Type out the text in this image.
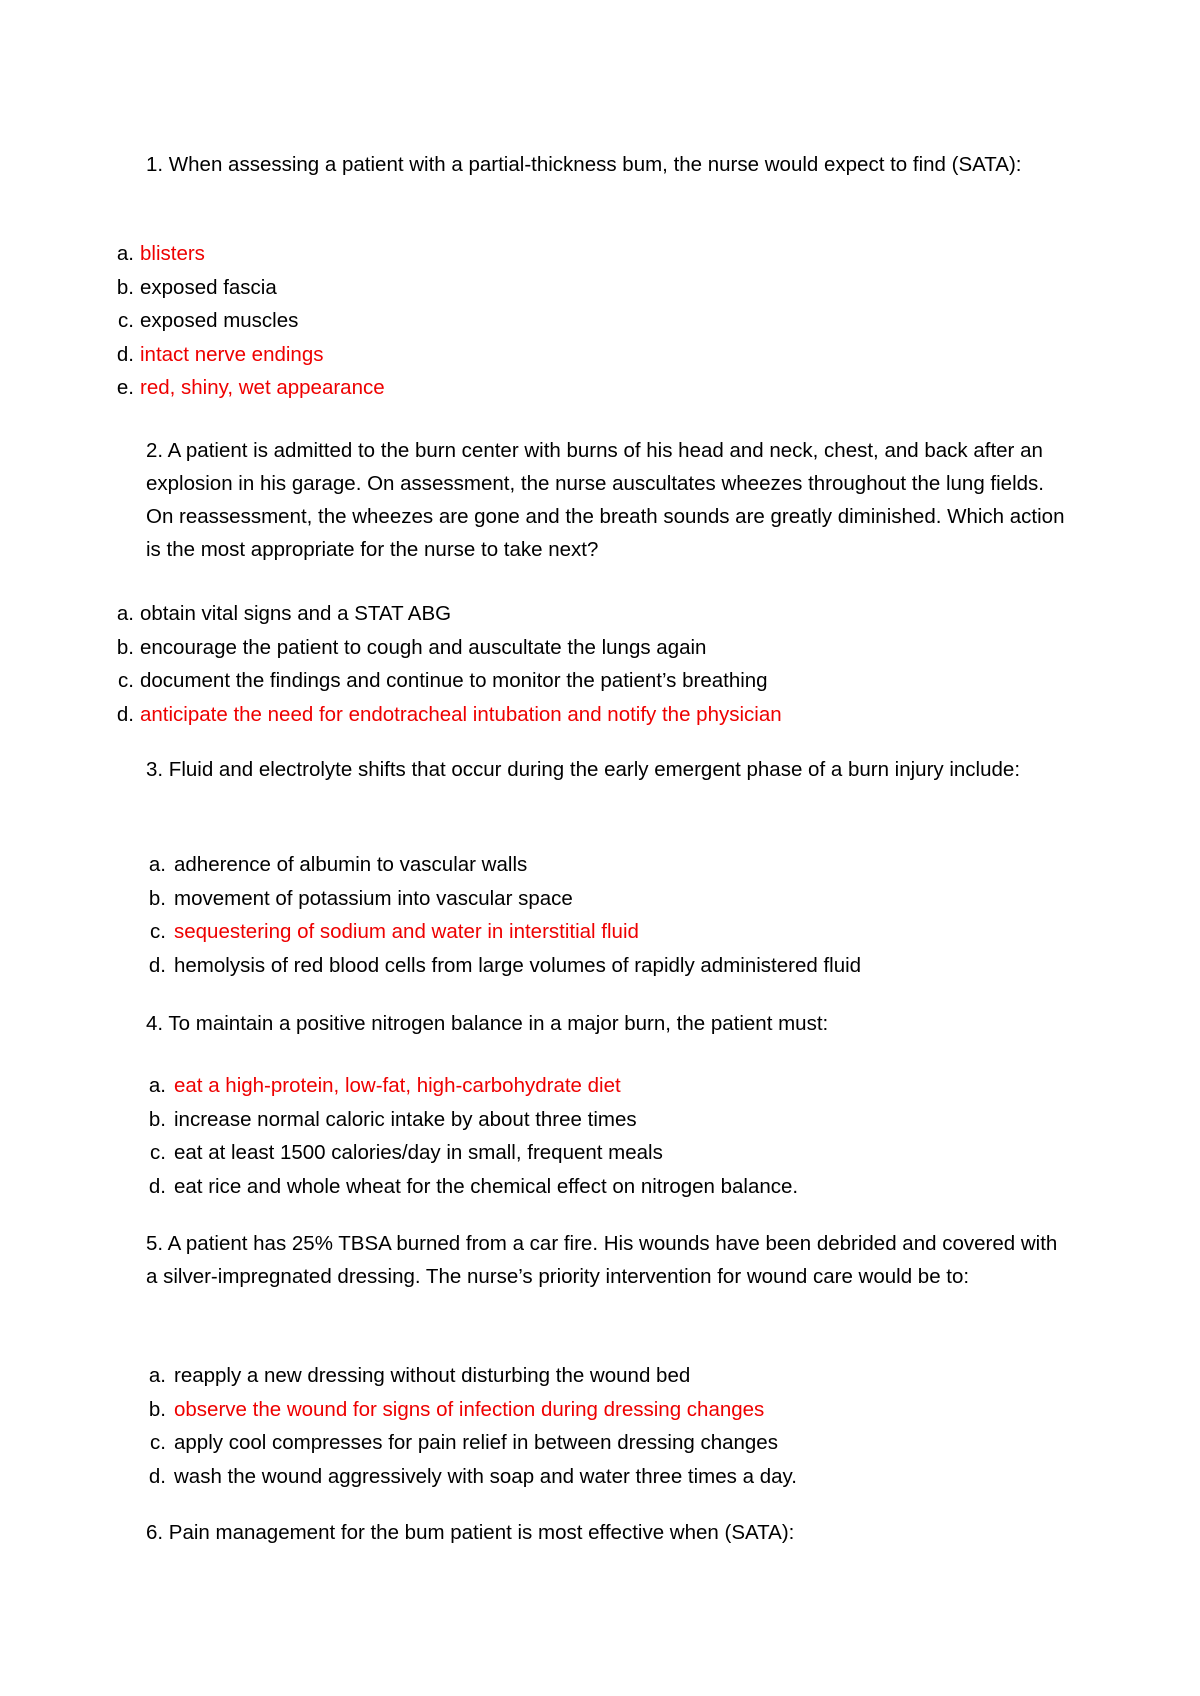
1. When assessing a patient with a partial-thickness bum, the nurse would expect to find (SATA):

a. blisters
b. exposed fascia
c. exposed muscles
d. intact nerve endings
e. red, shiny, wet appearance

2. A patient is admitted to the burn center with burns of his head and neck, chest, and back after an explosion in his garage. On assessment, the nurse auscultates wheezes throughout the lung fields. On reassessment, the wheezes are gone and the breath sounds are greatly diminished. Which action is the most appropriate for the nurse to take next?

a. obtain vital signs and a STAT ABG
b. encourage the patient to cough and auscultate the lungs again
c. document the findings and continue to monitor the patient’s breathing
d. anticipate the need for endotracheal intubation and notify the physician

3. Fluid and electrolyte shifts that occur during the early emergent phase of a burn injury include:

a. adherence of albumin to vascular walls
b. movement of potassium into vascular space
c. sequestering of sodium and water in interstitial fluid
d. hemolysis of red blood cells from large volumes of rapidly administered fluid

4. To maintain a positive nitrogen balance in a major burn, the patient must:

a. eat a high-protein, low-fat, high-carbohydrate diet
b. increase normal caloric intake by about three times
c. eat at least 1500 calories/day in small, frequent meals
d. eat rice and whole wheat for the chemical effect on nitrogen balance.

5. A patient has 25% TBSA burned from a car fire. His wounds have been debrided and covered with a silver-impregnated dressing. The nurse’s priority intervention for wound care would be to:

a. reapply a new dressing without disturbing the wound bed
b. observe the wound for signs of infection during dressing changes
c. apply cool compresses for pain relief in between dressing changes
d. wash the wound aggressively with soap and water three times a day.

6. Pain management for the bum patient is most effective when (SATA):
